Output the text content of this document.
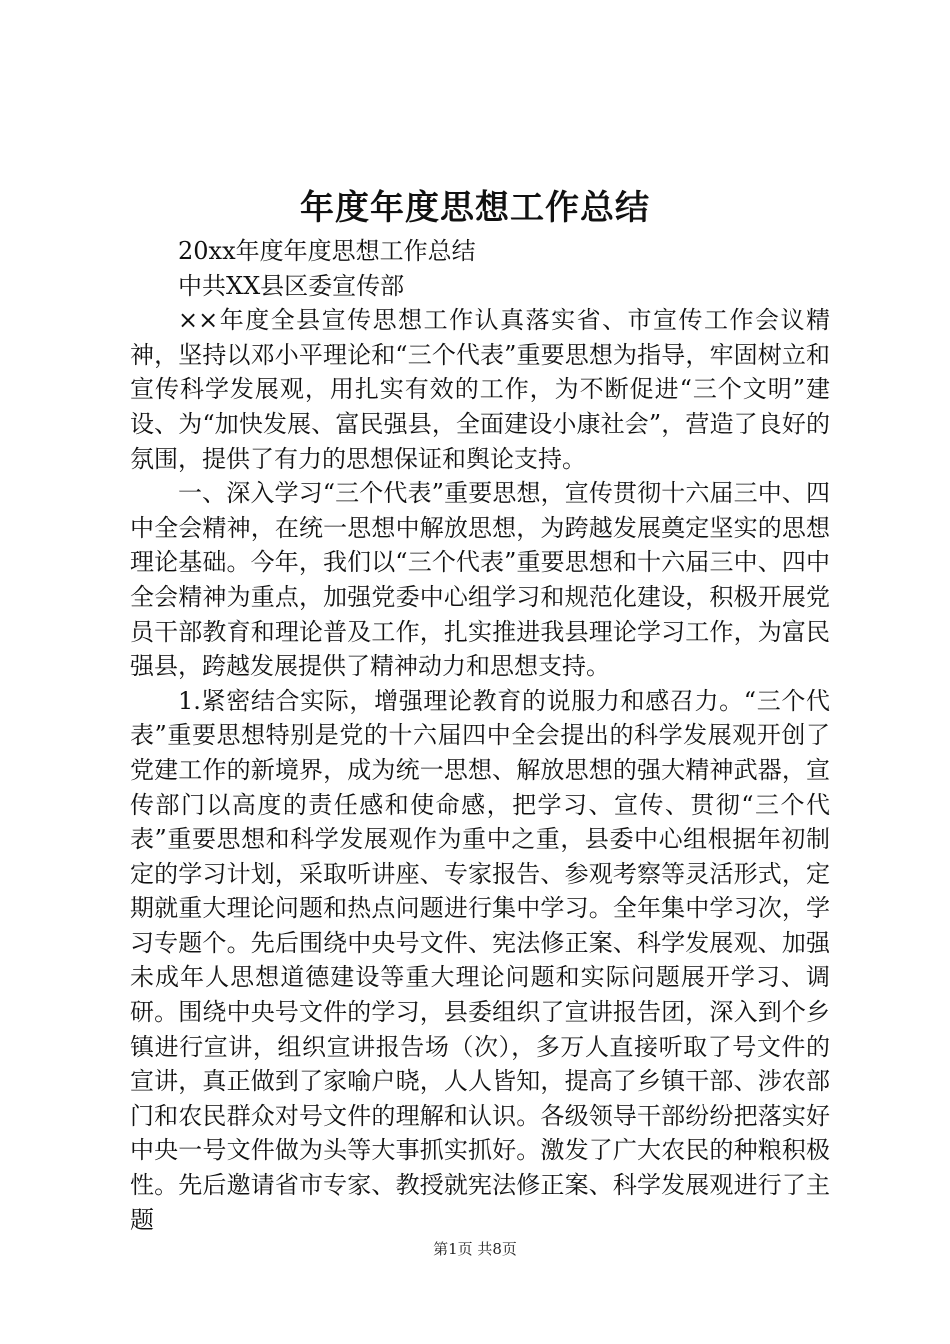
年度年度思想工作总结

20xx年度年度思想工作总结

中共XX县区委宣传部

××年度全县宣传思想工作认真落实省、市宣传工作会议精神，坚持以邓小平理论和“三个代表”重要思想为指导，牢固树立和宣传科学发展观，用扎实有效的工作，为不断促进“三个文明”建设、为“加快发展、富民强县，全面建设小康社会”，营造了良好的氛围，提供了有力的思想保证和舆论支持。

一、深入学习“三个代表”重要思想，宣传贯彻十六届三中、四中全会精神，在统一思想中解放思想，为跨越发展奠定坚实的思想理论基础。今年，我们以“三个代表”重要思想和十六届三中、四中全会精神为重点，加强党委中心组学习和规范化建设，积极开展党员干部教育和理论普及工作，扎实推进我县理论学习工作，为富民强县，跨越发展提供了精神动力和思想支持。

1.紧密结合实际，增强理论教育的说服力和感召力。“三个代表”重要思想特别是党的十六届四中全会提出的科学发展观开创了党建工作的新境界，成为统一思想、解放思想的强大精神武器，宣传部门以高度的责任感和使命感，把学习、宣传、贯彻“三个代表”重要思想和科学发展观作为重中之重，县委中心组根据年初制定的学习计划，采取听讲座、专家报告、参观考察等灵活形式，定期就重大理论问题和热点问题进行集中学习。全年集中学习次，学习专题个。先后围绕中央号文件、宪法修正案、科学发展观、加强未成年人思想道德建设等重大理论问题和实际问题展开学习、调研。围绕中央号文件的学习，县委组织了宣讲报告团，深入到个乡镇进行宣讲，组织宣讲报告场（次），多万人直接听取了号文件的宣讲，真正做到了家喻户晓，人人皆知，提高了乡镇干部、涉农部门和农民群众对号文件的理解和认识。各级领导干部纷纷把落实好中央一号文件做为头等大事抓实抓好。激发了广大农民的种粮积极性。先后邀请省市专家、教授就宪法修正案、科学发展观进行了主题

第1页 共8页
